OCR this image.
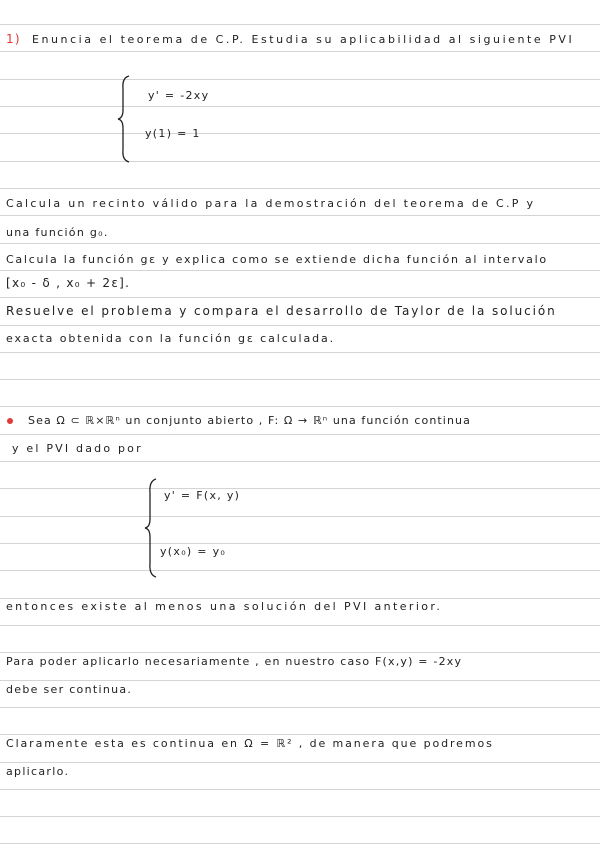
1) Enuncia el teorema de C.P. Estudia su aplicabilidad al siguiente PVI
y' = -2xy
y(1) = 1
Calcula un recinto válido para la demostración del teorema de C.P y
una función g₀.
Calcula la función gε y explica como se extiende dicha función al intervalo
[x₀ - δ , x₀ + 2ε].
Resuelve el problema y compara el desarrollo de Taylor de la solución
exacta obtenida con la función gε calculada.
Sea Ω ⊂ ℝ×ℝⁿ un conjunto abierto , F: Ω → ℝⁿ una función continua
y el PVI dado por
y' = F(x, y)
y(x₀) = y₀
entonces existe al menos una solución del PVI anterior.
Para poder aplicarlo necesariamente , en nuestro caso F(x,y) = -2xy
debe ser continua.
Claramente esta es continua en Ω = ℝ² , de manera que podremos
aplicarlo.
